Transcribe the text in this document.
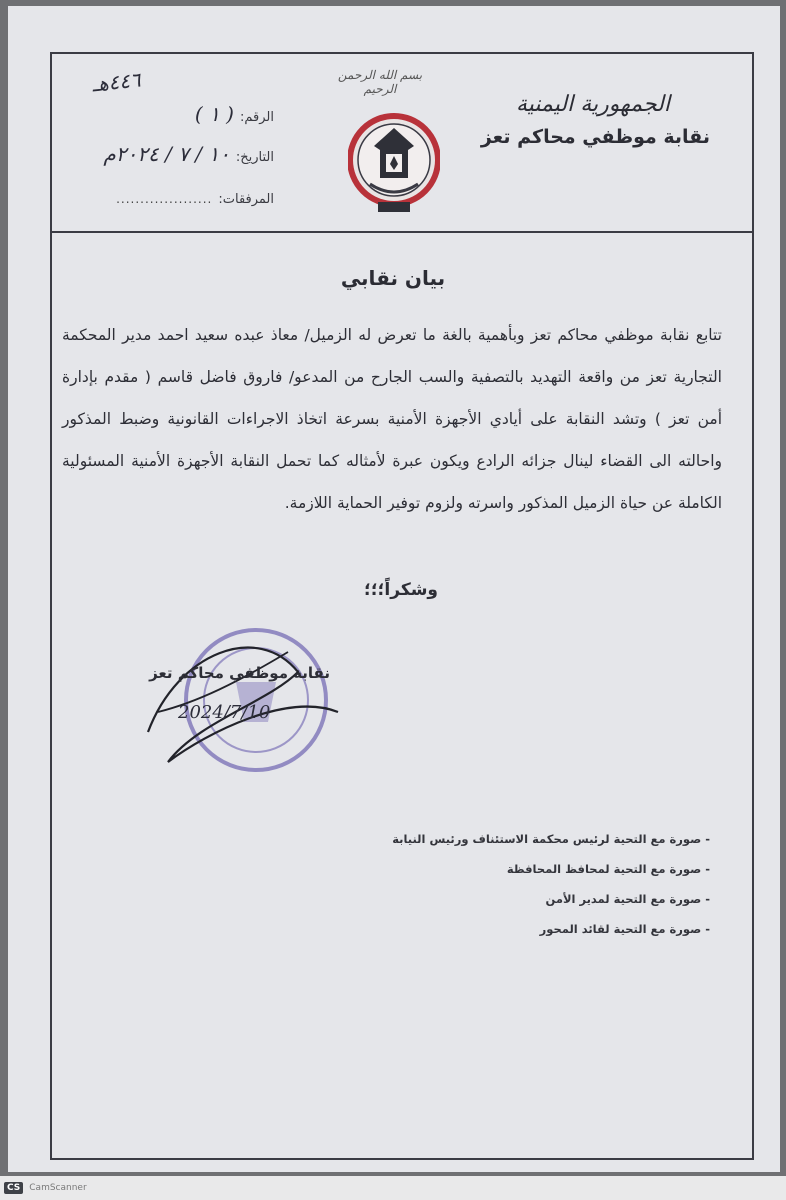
الجمهورية اليمنية
نقابة موظفي محاكم تعز
بسم الله الرحمن الرحيم
٤٤٦هـ
الرقم:
( ١ )
التاريخ:
١٠ / ٧ / ٢٠٢٤م
المرفقات:
....................
بيان نقابي

تتابع نقابة موظفي محاكم تعز وبأهمية بالغة ما تعرض له الزميل/ معاذ عبده سعيد احمد مدير المحكمة التجارية تعز من واقعة التهديد بالتصفية والسب الجارح من المدعو/ فاروق فاضل قاسم ( مقدم بإدارة أمن تعز ) وتشد النقابة على أيادي الأجهزة الأمنية بسرعة اتخاذ الاجراءات القانونية وضبط المذكور واحالته الى القضاء لينال جزائه الرادع ويكون عبرة لأمثاله كما تحمل النقابة الأجهزة الأمنية المسئولية الكاملة عن حياة الزميل المذكور واسرته ولزوم توفير الحماية اللازمة.

وشكراً؛؛؛
نقابة موظفي محاكم تعز
2024/7/10
- صورة مع التحية لرئيس محكمة الاستئناف ورئيس النيابة
- صورة مع التحية لمحافظ المحافظة
- صورة مع التحية لمدير الأمن
- صورة مع التحية لقائد المحور
CS	CamScanner
